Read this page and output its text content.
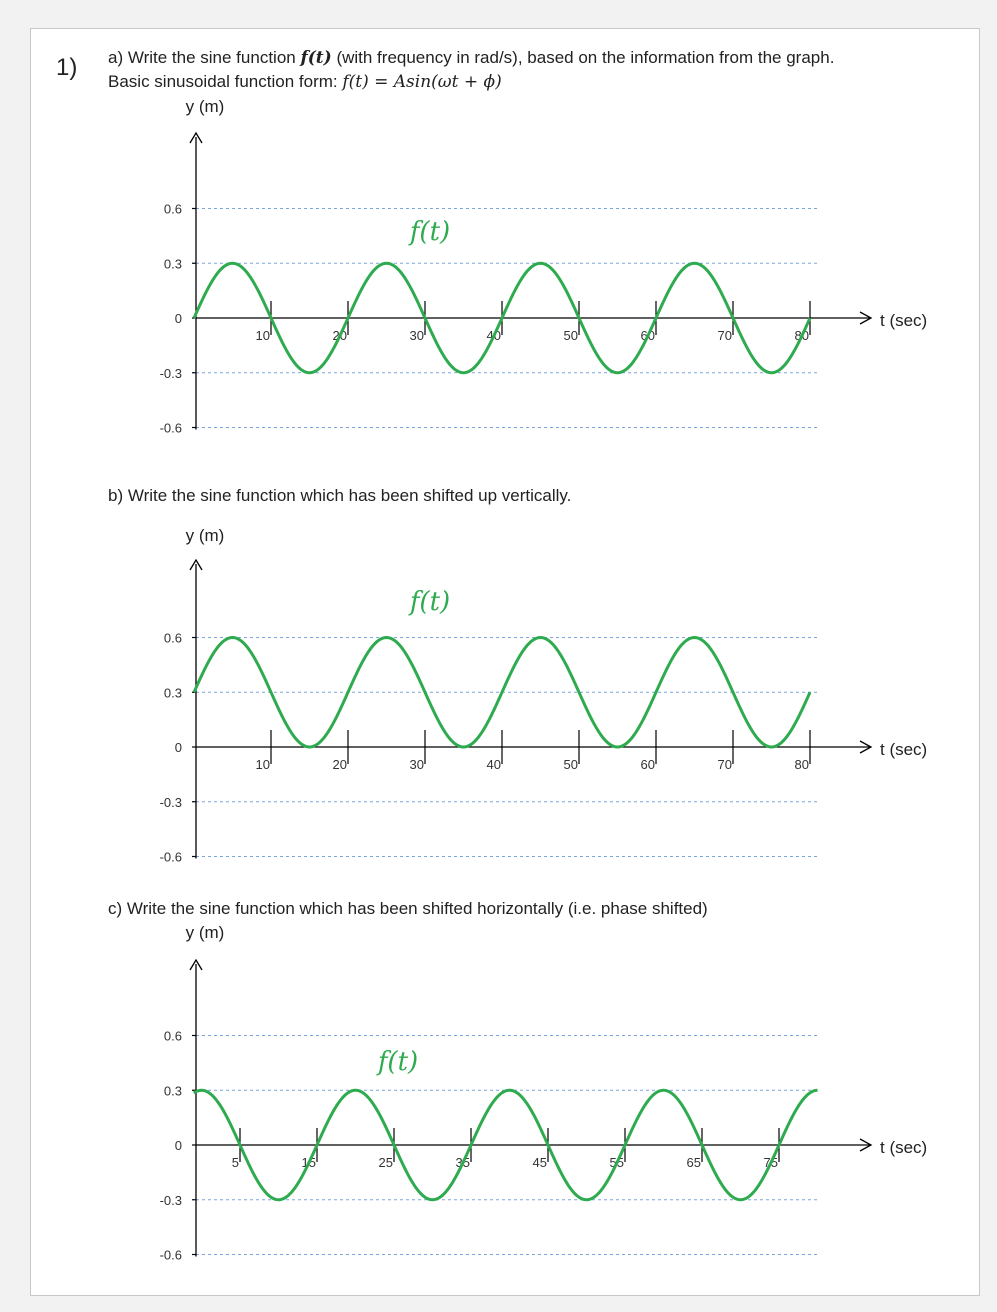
1) a) Write the sine function f(t) (with frequency in rad/s), based on the information from the graph.
Basic sinusoidal function form: f(t) = Asin(ωt + ϕ)
b) Write the sine function which has been shifted up vertically.
c) Write the sine function which has been shifted horizontally (i.e. phase shifted)
0.6
0.3
0
-0.3
-0.6
y (m)
t (sec)
10	20	30	40	50	60	70	80
f(t)
0.6
0.3
0
-0.3
-0.6
y (m)
t (sec)
10	20	30	40	50	60	70	80
f(t)
0.6
0.3
0
-0.3
-0.6
y (m)
t (sec)
5	15	25	35	45	55	65	75
f(t)
